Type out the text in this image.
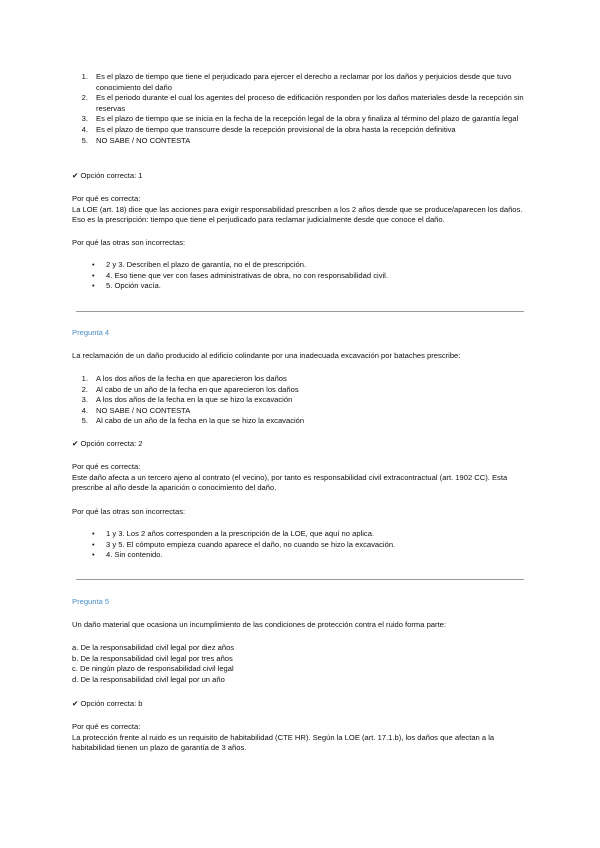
1. Es el plazo de tiempo que tiene el perjudicado para ejercer el derecho a reclamar por los daños y perjuicios desde que tuvo conocimiento del daño
2. Es el periodo durante el cual los agentes del proceso de edificación responden por los daños materiales desde la recepción sin reservas
3. Es el plazo de tiempo que se inicia en la fecha de la recepción legal de la obra y finaliza al término del plazo de garantía legal
4. Es el plazo de tiempo que transcurre desde la recepción provisional de la obra hasta la recepción definitiva
5. NO SABE / NO CONTESTA

✔ Opción correcta: 1

Por qué es correcta:

La LOE (art. 18) dice que las acciones para exigir responsabilidad prescriben a los 2 años desde que se produce/aparecen los daños. Eso es la prescripción: tiempo que tiene el perjudicado para reclamar judicialmente desde que conoce el daño.

Por qué las otras son incorrectas:

• 2 y 3. Describen el plazo de garantía, no el de prescripción.
• 4. Eso tiene que ver con fases administrativas de obra, no con responsabilidad civil.
• 5. Opción vacía.

Pregunta 4

La reclamación de un daño producido al edificio colindante por una inadecuada excavación por bataches prescribe:

1. A los dos años de la fecha en que aparecieron los daños
2. Al cabo de un año de la fecha en que aparecieron los daños
3. A los dos años de la fecha en la que se hizo la excavación
4. NO SABE / NO CONTESTA
5. Al cabo de un año de la fecha en la que se hizo la excavación

✔ Opción correcta: 2

Por qué es correcta:

Este daño afecta a un tercero ajeno al contrato (el vecino), por tanto es responsabilidad civil extracontractual (art. 1902 CC). Esta prescribe al año desde la aparición o conocimiento del daño.

Por qué las otras son incorrectas:

• 1 y 3. Los 2 años corresponden a la prescripción de la LOE, que aquí no aplica.
• 3 y 5. El cómputo empieza cuando aparece el daño, no cuando se hizo la excavación.
• 4. Sin contenido.

Pregunta 5

Un daño material que ocasiona un incumplimiento de las condiciones de protección contra el ruido forma parte:

a. De la responsabilidad civil legal por diez años
b. De la responsabilidad civil legal por tres años
c. De ningún plazo de responsabilidad civil legal
d. De la responsabilidad civil legal por un año

✔ Opción correcta: b

Por qué es correcta:

La protección frente al ruido es un requisito de habitabilidad (CTE HR). Según la LOE (art. 17.1.b), los daños que afectan a la habitabilidad tienen un plazo de garantía de 3 años.
